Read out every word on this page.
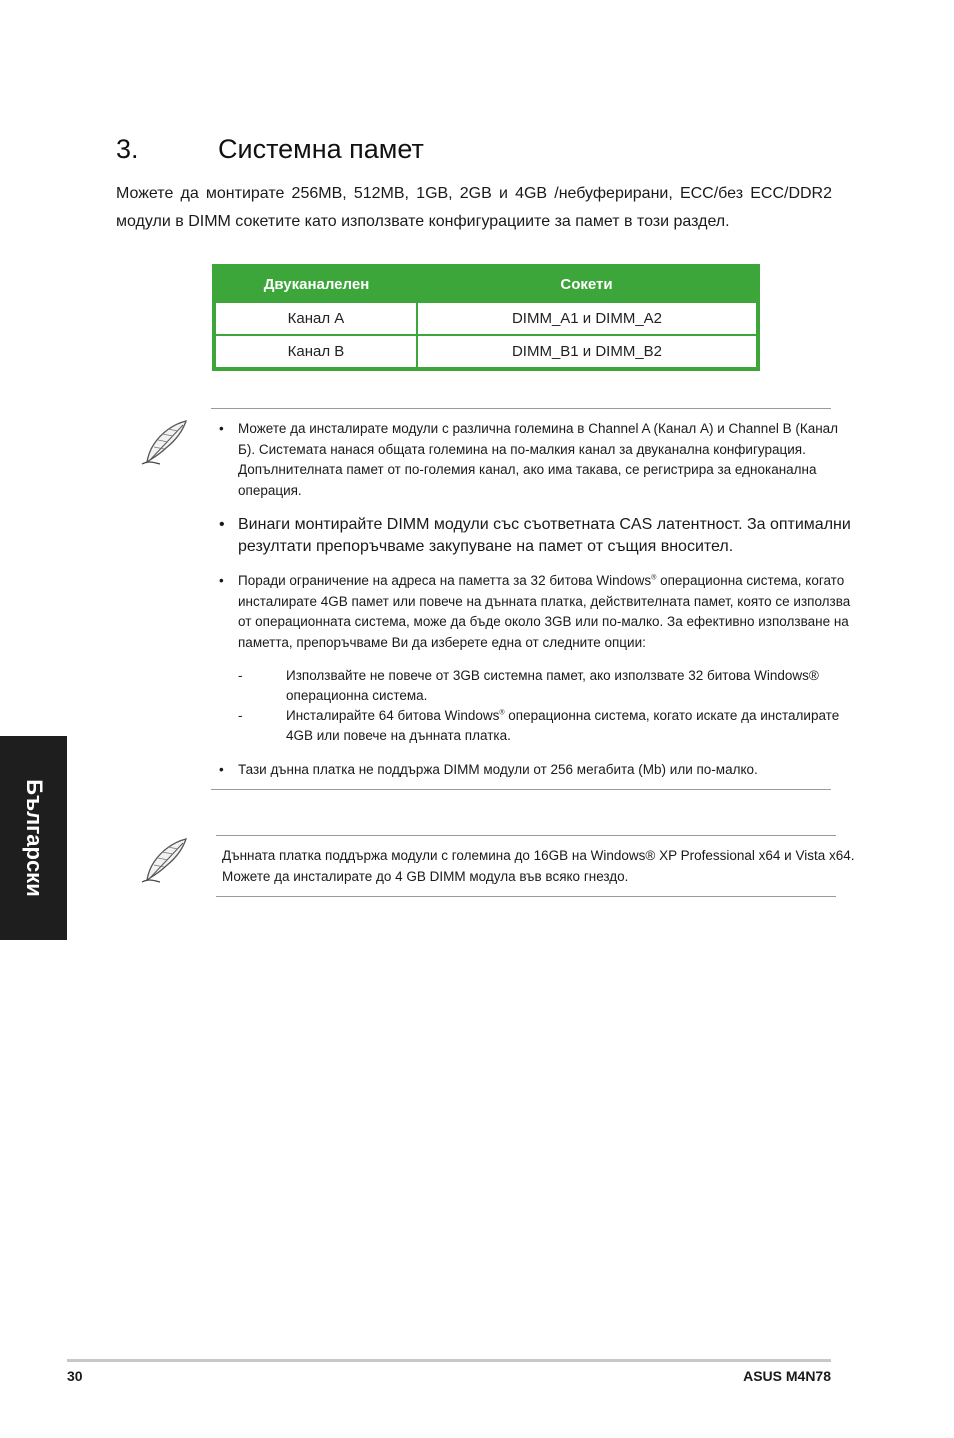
3.	Системна памет
Можете да монтирате 256MB, 512MB, 1GB, 2GB и 4GB /небуферирани, ECC/без ECC/DDR2
модули в DIMM сокетите като използвате конфигурациите за памет в този раздел.
Двуканалелен	Сокети
Канал A	DIMM_A1 и DIMM_A2
Канал B	DIMM_B1 и DIMM_B2
• Можете да инсталирате модули с различна големина в Channel A (Канал A) и Channel B (Канал
Б). Системата нанася общата големина на по-малкия канал за двуканална конфигурация.
Допълнителната памет от по-големия канал, ако има такава, се регистрира за едноканална
операция.
• Винаги монтирайте DIMM модули със съответната CAS латентност. За оптимални
резултати препоръчваме закупуване на памет от същия вносител.
• Поради ограничение на адреса на паметта за 32 битова Windows® операционна система, когато
инсталирате 4GB памет или повече на дънната платка, действителната памет, която се използва
от операционната система, може да бъде около 3GB или по-малко. За ефективно използване на
паметта, препоръчваме Ви да изберете една от следните опции:
-	Използвайте не повече от 3GB системна памет, ако използвате 32 битова Windows®
операционна система.
-	Инсталирайте 64 битова Windows® операционна система, когато искате да инсталирате
4GB или повече на дънната платка.
• Тази дънна платка не поддържа DIMM модули от 256 мегабита (Mb) или по-малко.
Дънната платка поддържа модули с големина до 16GB на Windows® XP Professional x64 и Vista x64.
Можете да инсталирате до 4 GB DIMM модула във всяко гнездо.
Български
30	ASUS M4N78
